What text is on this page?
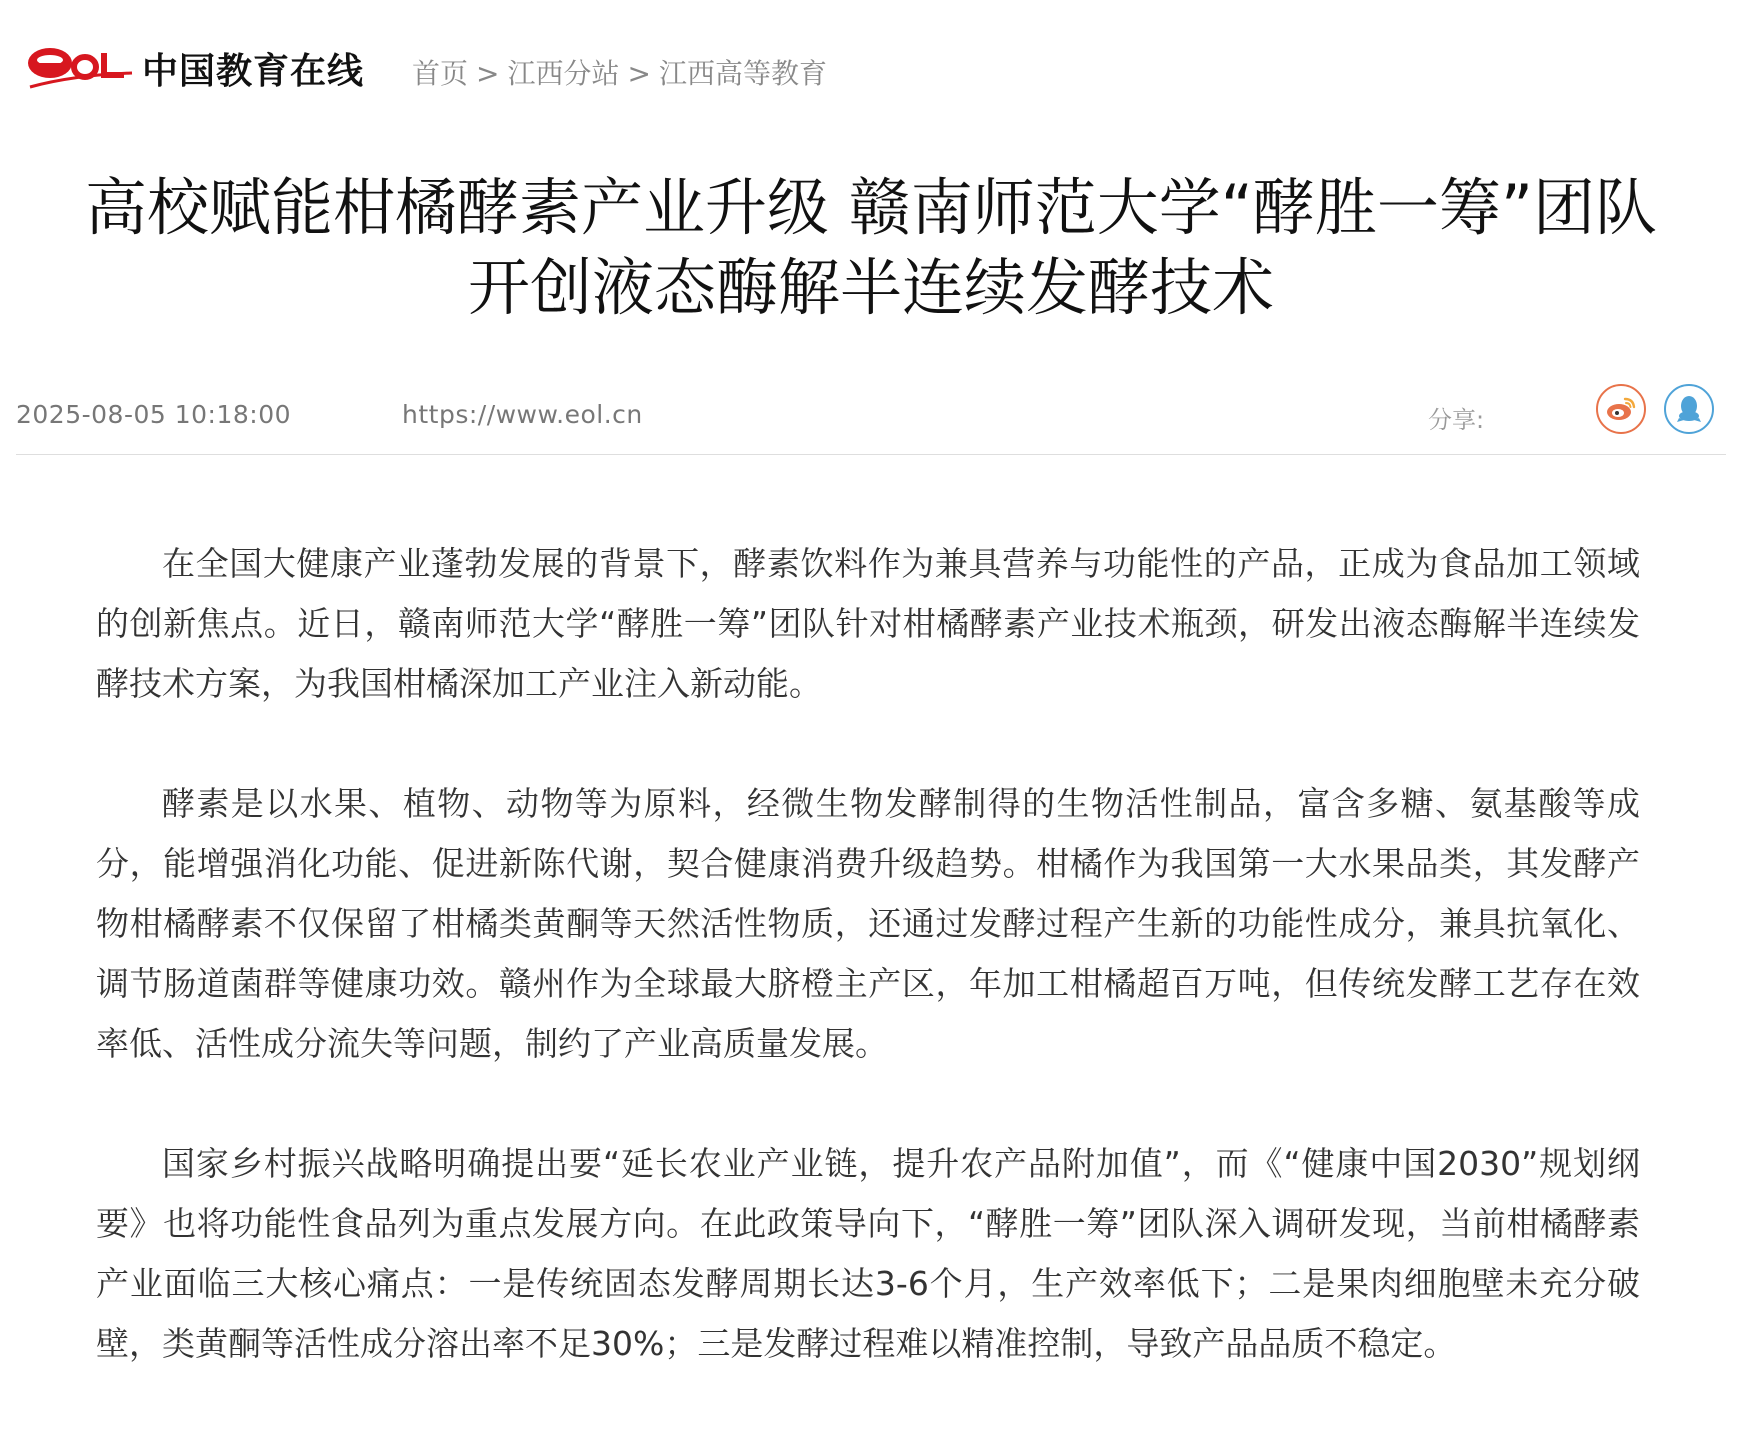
中国教育在线 首页 > 江西分站 > 江西高等教育
高校赋能柑橘酵素产业升级 赣南师范大学“酵胜一筹”团队
开创液态酶解半连续发酵技术
2025-08-05 10:18:00	https://www.eol.cn	分享:

在全国大健康产业蓬勃发展的背景下，酵素饮料作为兼具营养与功能性的产品，正成为食品加工领域的创新焦点。近日，赣南师范大学“酵胜一筹”团队针对柑橘酵素产业技术瓶颈，研发出液态酶解半连续发酵技术方案，为我国柑橘深加工产业注入新动能。

酵素是以水果、植物、动物等为原料，经微生物发酵制得的生物活性制品，富含多糖、氨基酸等成分，能增强消化功能、促进新陈代谢，契合健康消费升级趋势。柑橘作为我国第一大水果品类，其发酵产物柑橘酵素不仅保留了柑橘类黄酮等天然活性物质，还通过发酵过程产生新的功能性成分，兼具抗氧化、调节肠道菌群等健康功效。赣州作为全球最大脐橙主产区，年加工柑橘超百万吨，但传统发酵工艺存在效率低、活性成分流失等问题，制约了产业高质量发展。

国家乡村振兴战略明确提出要“延长农业产业链，提升农产品附加值”，而《“健康中国2030”规划纲要》也将功能性食品列为重点发展方向。在此政策导向下，“酵胜一筹”团队深入调研发现，当前柑橘酵素产业面临三大核心痛点：一是传统固态发酵周期长达3-6个月，生产效率低下；二是果肉细胞壁未充分破壁，类黄酮等活性成分溶出率不足30%；三是发酵过程难以精准控制，导致产品品质不稳定。
